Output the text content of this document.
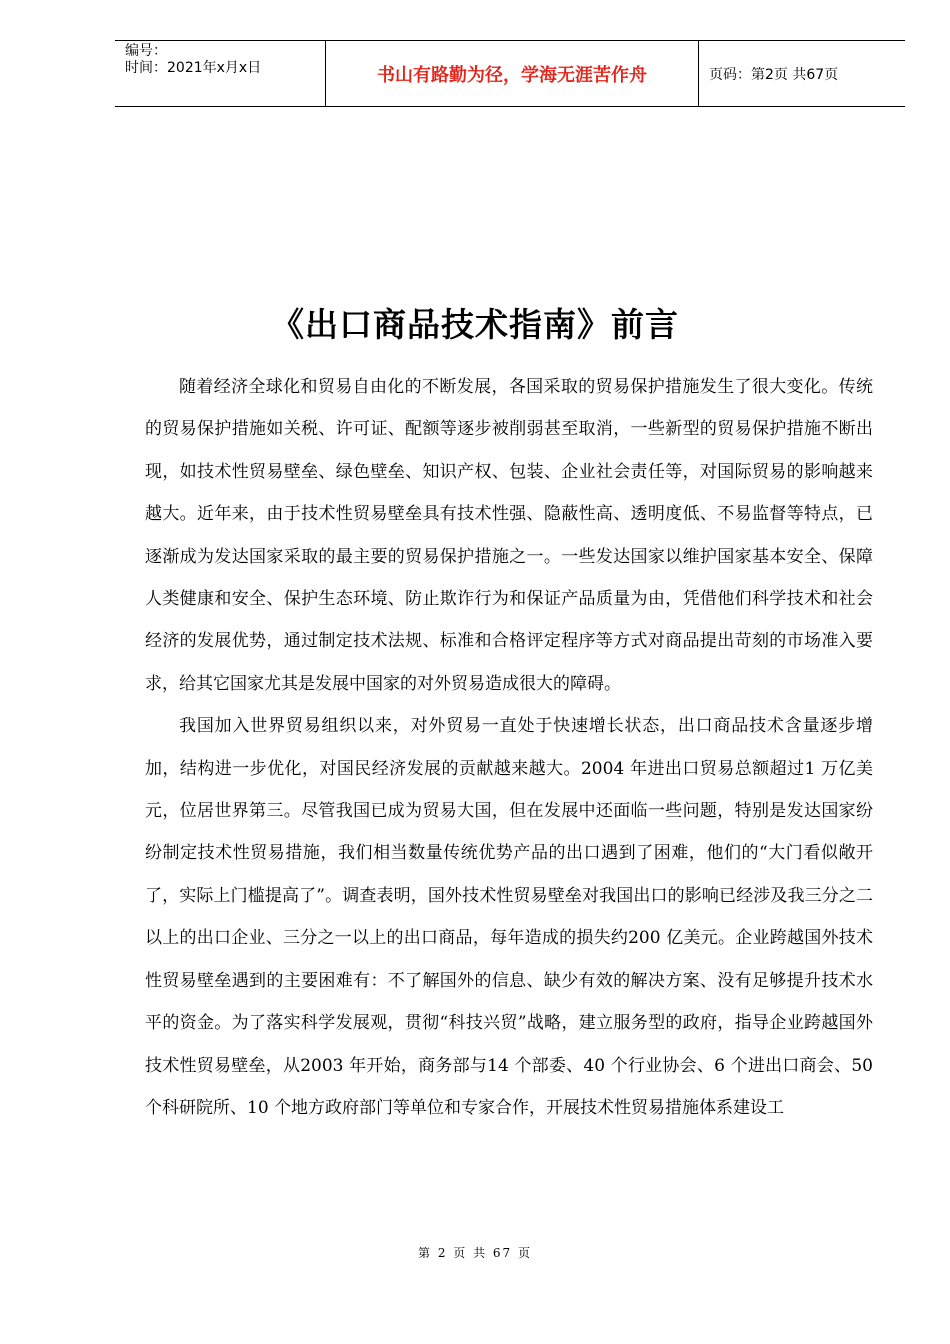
编号：
时间：2021年x月x日	书山有路勤为径，学海无涯苦作舟	页码：第2页 共67页
《出口商品技术指南》前言

随着经济全球化和贸易自由化的不断发展，各国采取的贸易保护措施发生了很大变化。传统的贸易保护措施如关税、许可证、配额等逐步被削弱甚至取消，一些新型的贸易保护措施不断出现，如技术性贸易壁垒、绿色壁垒、知识产权、包装、企业社会责任等，对国际贸易的影响越来越大。近年来，由于技术性贸易壁垒具有技术性强、隐蔽性高、透明度低、不易监督等特点，已逐渐成为发达国家采取的最主要的贸易保护措施之一。一些发达国家以维护国家基本安全、保障人类健康和安全、保护生态环境、防止欺诈行为和保证产品质量为由，凭借他们科学技术和社会经济的发展优势，通过制定技术法规、标准和合格评定程序等方式对商品提出苛刻的市场准入要求，给其它国家尤其是发展中国家的对外贸易造成很大的障碍。

我国加入世界贸易组织以来，对外贸易一直处于快速增长状态，出口商品技术含量逐步增加，结构进一步优化，对国民经济发展的贡献越来越大。2004 年进出口贸易总额超过1 万亿美元，位居世界第三。尽管我国已成为贸易大国，但在发展中还面临一些问题，特别是发达国家纷纷制定技术性贸易措施，我们相当数量传统优势产品的出口遇到了困难，他们的“大门看似敞开了，实际上门槛提高了”。调查表明，国外技术性贸易壁垒对我国出口的影响已经涉及我三分之二以上的出口企业、三分之一以上的出口商品，每年造成的损失约200 亿美元。企业跨越国外技术性贸易壁垒遇到的主要困难有：不了解国外的信息、缺少有效的解决方案、没有足够提升技术水平的资金。为了落实科学发展观，贯彻“科技兴贸”战略，建立服务型的政府，指导企业跨越国外技术性贸易壁垒，从2003 年开始，商务部与14 个部委、40 个行业协会、6 个进出口商会、50 个科研院所、10 个地方政府部门等单位和专家合作，开展技术性贸易措施体系建设工

第 2 页 共 67 页
